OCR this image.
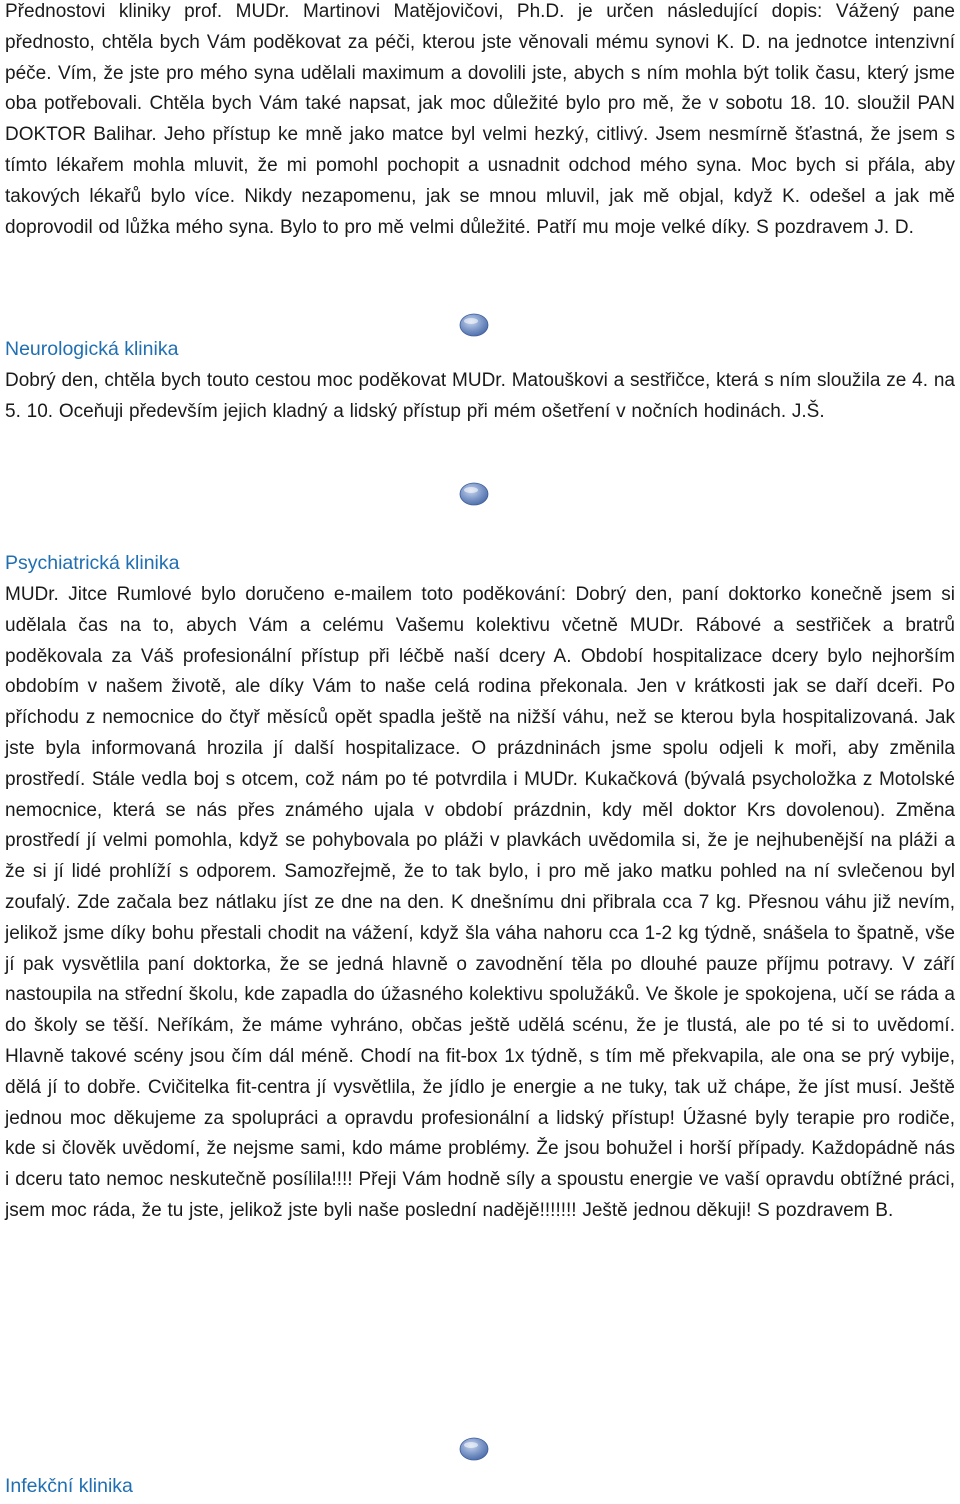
Přednostovi kliniky prof. MUDr. Martinovi Matějovičovi, Ph.D. je určen následující dopis: Vážený pane přednosto, chtěla bych Vám poděkovat za péči, kterou jste věnovali mému synovi K. D. na jednotce intenzivní péče. Vím, že jste pro mého syna udělali maximum a dovolili jste, abych s ním mohla být tolik času, který jsme oba potřebovali. Chtěla bych Vám také napsat, jak moc důležité bylo pro mě, že v sobotu 18. 10. sloužil PAN DOKTOR Balihar. Jeho přístup ke mně jako matce byl velmi hezký, citlivý. Jsem nesmírně šťastná, že jsem s tímto lékařem mohla mluvit, že mi pomohl pochopit a usnadnit odchod mého syna. Moc bych si přála, aby takových lékařů bylo více. Nikdy nezapomenu, jak se mnou mluvil, jak mě objal, když K. odešel a jak mě doprovodil od lůžka mého syna. Bylo to pro mě velmi důležité. Patří mu moje velké díky. S pozdravem J. D.

Neurologická klinika

Dobrý den, chtěla bych touto cestou moc poděkovat MUDr. Matouškovi a sestřičce, která s ním sloužila ze 4. na 5. 10. Oceňuji především jejich kladný a lidský přístup při mém ošetření v nočních hodinách. J.Š.

Psychiatrická klinika

MUDr. Jitce Rumlové bylo doručeno e-mailem toto poděkování: Dobrý den, paní doktorko konečně jsem si udělala čas na to, abych Vám a celému Vašemu kolektivu včetně MUDr. Rábové a sestřiček a bratrů poděkovala za Váš profesionální přístup při léčbě naší dcery A. Období hospitalizace dcery bylo nejhorším obdobím v našem životě, ale díky Vám to naše celá rodina překonala. Jen v krátkosti jak se daří dceři. Po příchodu z nemocnice do čtyř měsíců opět spadla ještě na nižší váhu, než se kterou byla hospitalizovaná. Jak jste byla informovaná hrozila jí další hospitalizace. O prázdninách jsme spolu odjeli k moři, aby změnila prostředí. Stále vedla boj s otcem, což nám po té potvrdila i MUDr. Kukačková (bývalá psycholožka z Motolské nemocnice, která se nás přes známého ujala v období prázdnin, kdy měl doktor Krs dovolenou). Změna prostředí jí velmi pomohla, když se pohybovala po pláži v plavkách uvědomila si, že je nejhubenější na pláži a že si jí lidé prohlíží s odporem. Samozřejmě, že to tak bylo, i pro mě jako matku pohled na ní svlečenou byl zoufalý. Zde začala bez nátlaku jíst ze dne na den. K dnešnímu dni přibrala cca 7 kg. Přesnou váhu již nevím, jelikož jsme díky bohu přestali chodit na vážení, když šla váha nahoru cca 1-2 kg týdně, snášela to špatně, vše jí pak vysvětlila paní doktorka, že se jedná hlavně o zavodnění těla po dlouhé pauze příjmu potravy. V září nastoupila na střední školu, kde zapadla do úžasného kolektivu spolužáků. Ve škole je spokojena, učí se ráda a do školy se těší. Neříkám, že máme vyhráno, občas ještě udělá scénu, že je tlustá, ale po té si to uvědomí. Hlavně takové scény jsou čím dál méně. Chodí na fit-box 1x týdně, s tím mě překvapila, ale ona se prý vybije, dělá jí to dobře. Cvičitelka fit-centra jí vysvětlila, že jídlo je energie a ne tuky, tak už chápe, že jíst musí. Ještě jednou moc děkujeme za spolupráci a opravdu profesionální a lidský přístup! Úžasné byly terapie pro rodiče, kde si člověk uvědomí, že nejsme sami, kdo máme problémy. Že jsou bohužel i horší případy. Každopádně nás i dceru tato nemoc neskutečně posílila!!!! Přeji Vám hodně síly a spoustu energie ve vaší opravdu obtížné práci, jsem moc ráda, že tu jste, jelikož jste byli naše poslední nadějě!!!!!!! Ještě jednou děkuji! S pozdravem B.

Infekční klinika
